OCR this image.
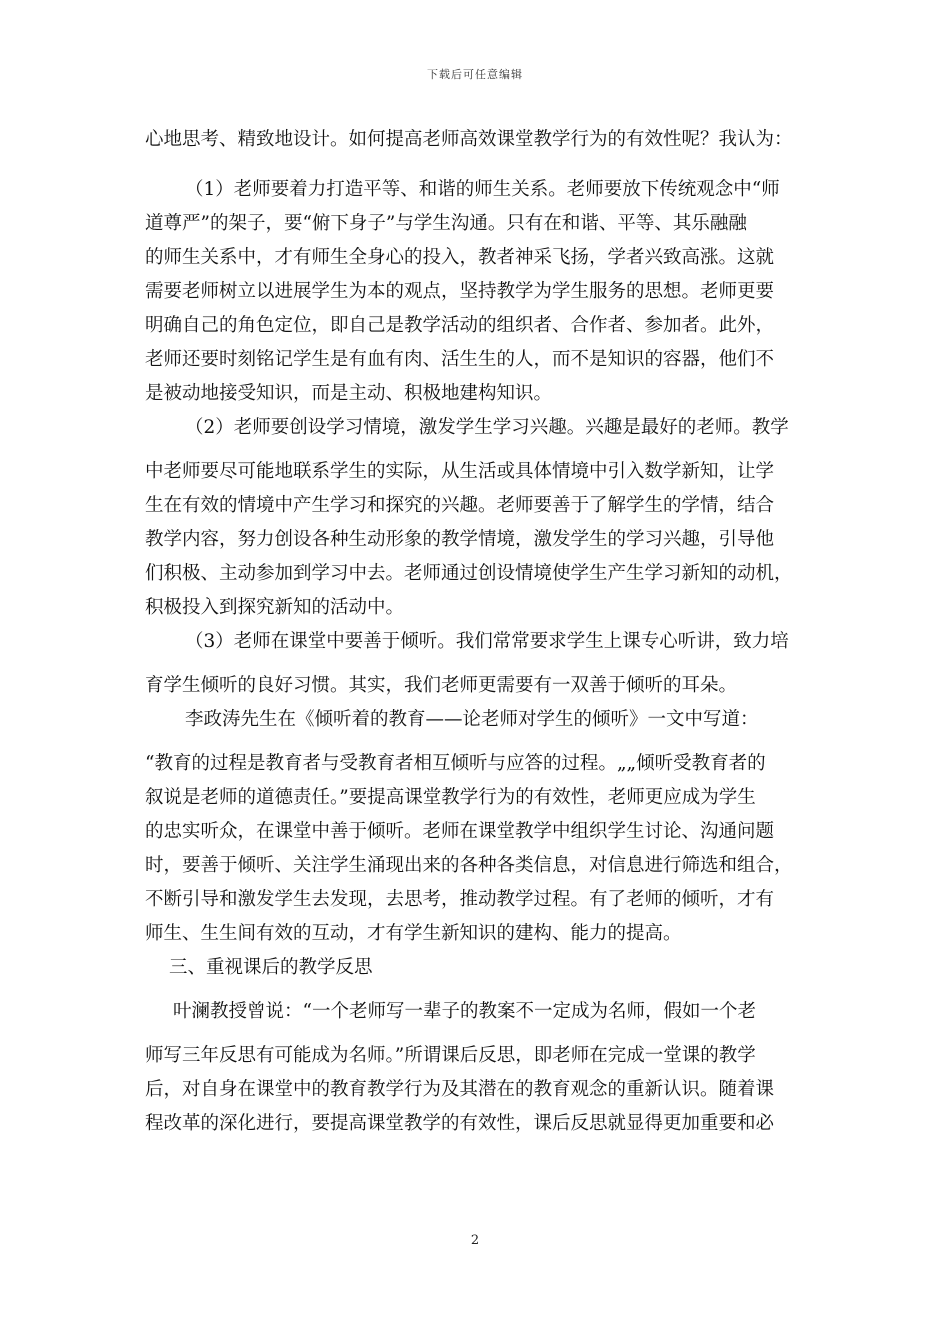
下载后可任意编辑
心地思考、精致地设计。如何提高老师高效课堂教学行为的有效性呢？我认为：
（1）老师要着力打造平等、和谐的师生关系。老师要放下传统观念中“师
道尊严”的架子，要“俯下身子”与学生沟通。只有在和谐、平等、其乐融融
的师生关系中，才有师生全身心的投入，教者神采飞扬，学者兴致高涨。这就
需要老师树立以进展学生为本的观点，坚持教学为学生服务的思想。老师更要
明确自己的角色定位，即自己是教学活动的组织者、合作者、参加者。此外，
老师还要时刻铭记学生是有血有肉、活生生的人，而不是知识的容器，他们不
是被动地接受知识，而是主动、积极地建构知识。
（2）老师要创设学习情境，激发学生学习兴趣。兴趣是最好的老师。教学
中老师要尽可能地联系学生的实际，从生活或具体情境中引入数学新知，让学
生在有效的情境中产生学习和探究的兴趣。老师要善于了解学生的学情，结合
教学内容，努力创设各种生动形象的教学情境，激发学生的学习兴趣，引导他
们积极、主动参加到学习中去。老师通过创设情境使学生产生学习新知的动机，
积极投入到探究新知的活动中。
（3）老师在课堂中要善于倾听。我们常常要求学生上课专心听讲，致力培
育学生倾听的良好习惯。其实，我们老师更需要有一双善于倾听的耳朵。
李政涛先生在《倾听着的教育——论老师对学生的倾听》一文中写道：
“教育的过程是教育者与受教育者相互倾听与应答的过程。„„倾听受教育者的
叙说是老师的道德责任。”要提高课堂教学行为的有效性，老师更应成为学生
的忠实听众，在课堂中善于倾听。老师在课堂教学中组织学生讨论、沟通问题
时，要善于倾听、关注学生涌现出来的各种各类信息，对信息进行筛选和组合，
不断引导和激发学生去发现，去思考，推动教学过程。有了老师的倾听，才有
师生、生生间有效的互动，才有学生新知识的建构、能力的提高。
三、重视课后的教学反思
叶澜教授曾说：“一个老师写一辈子的教案不一定成为名师，假如一个老
师写三年反思有可能成为名师。”所谓课后反思，即老师在完成一堂课的教学
后，对自身在课堂中的教育教学行为及其潜在的教育观念的重新认识。随着课
程改革的深化进行，要提高课堂教学的有效性，课后反思就显得更加重要和必
2
